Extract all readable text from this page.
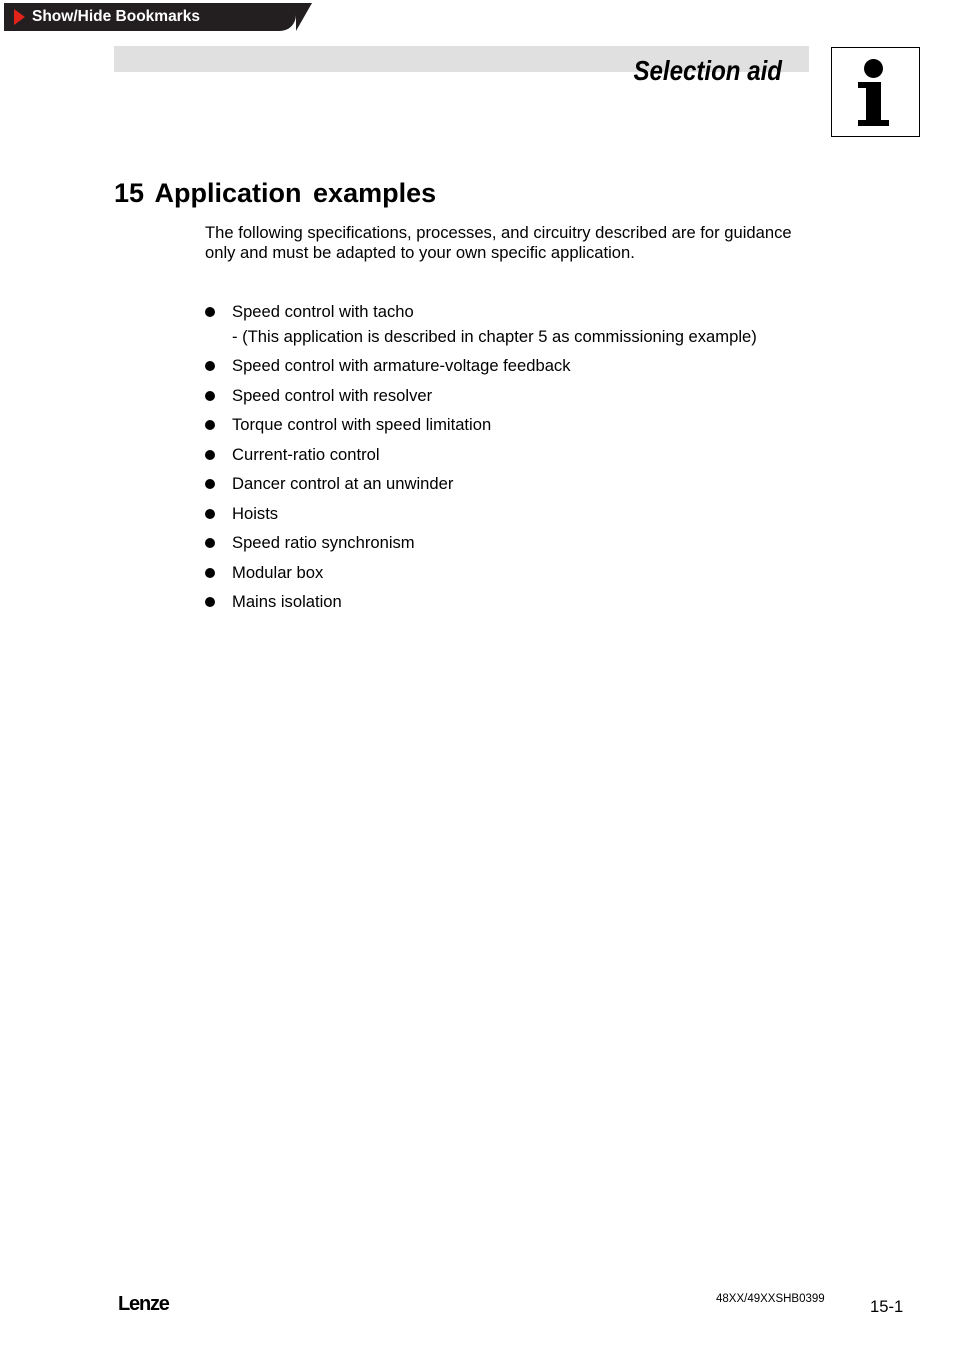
Show/Hide Bookmarks
Selection aid
15 Application examples
The following specifications, processes, and circuitry described are for guidance only and must be adapted to your own specific application.
Speed control with tacho
- (This application is described in chapter 5 as commissioning example)
Speed control with armature-voltage feedback
Speed control with resolver
Torque control with speed limitation
Current-ratio control
Dancer control at an unwinder
Hoists
Speed ratio synchronism
Modular box
Mains isolation
Lenze	48XX/49XXSHB0399	15-1
